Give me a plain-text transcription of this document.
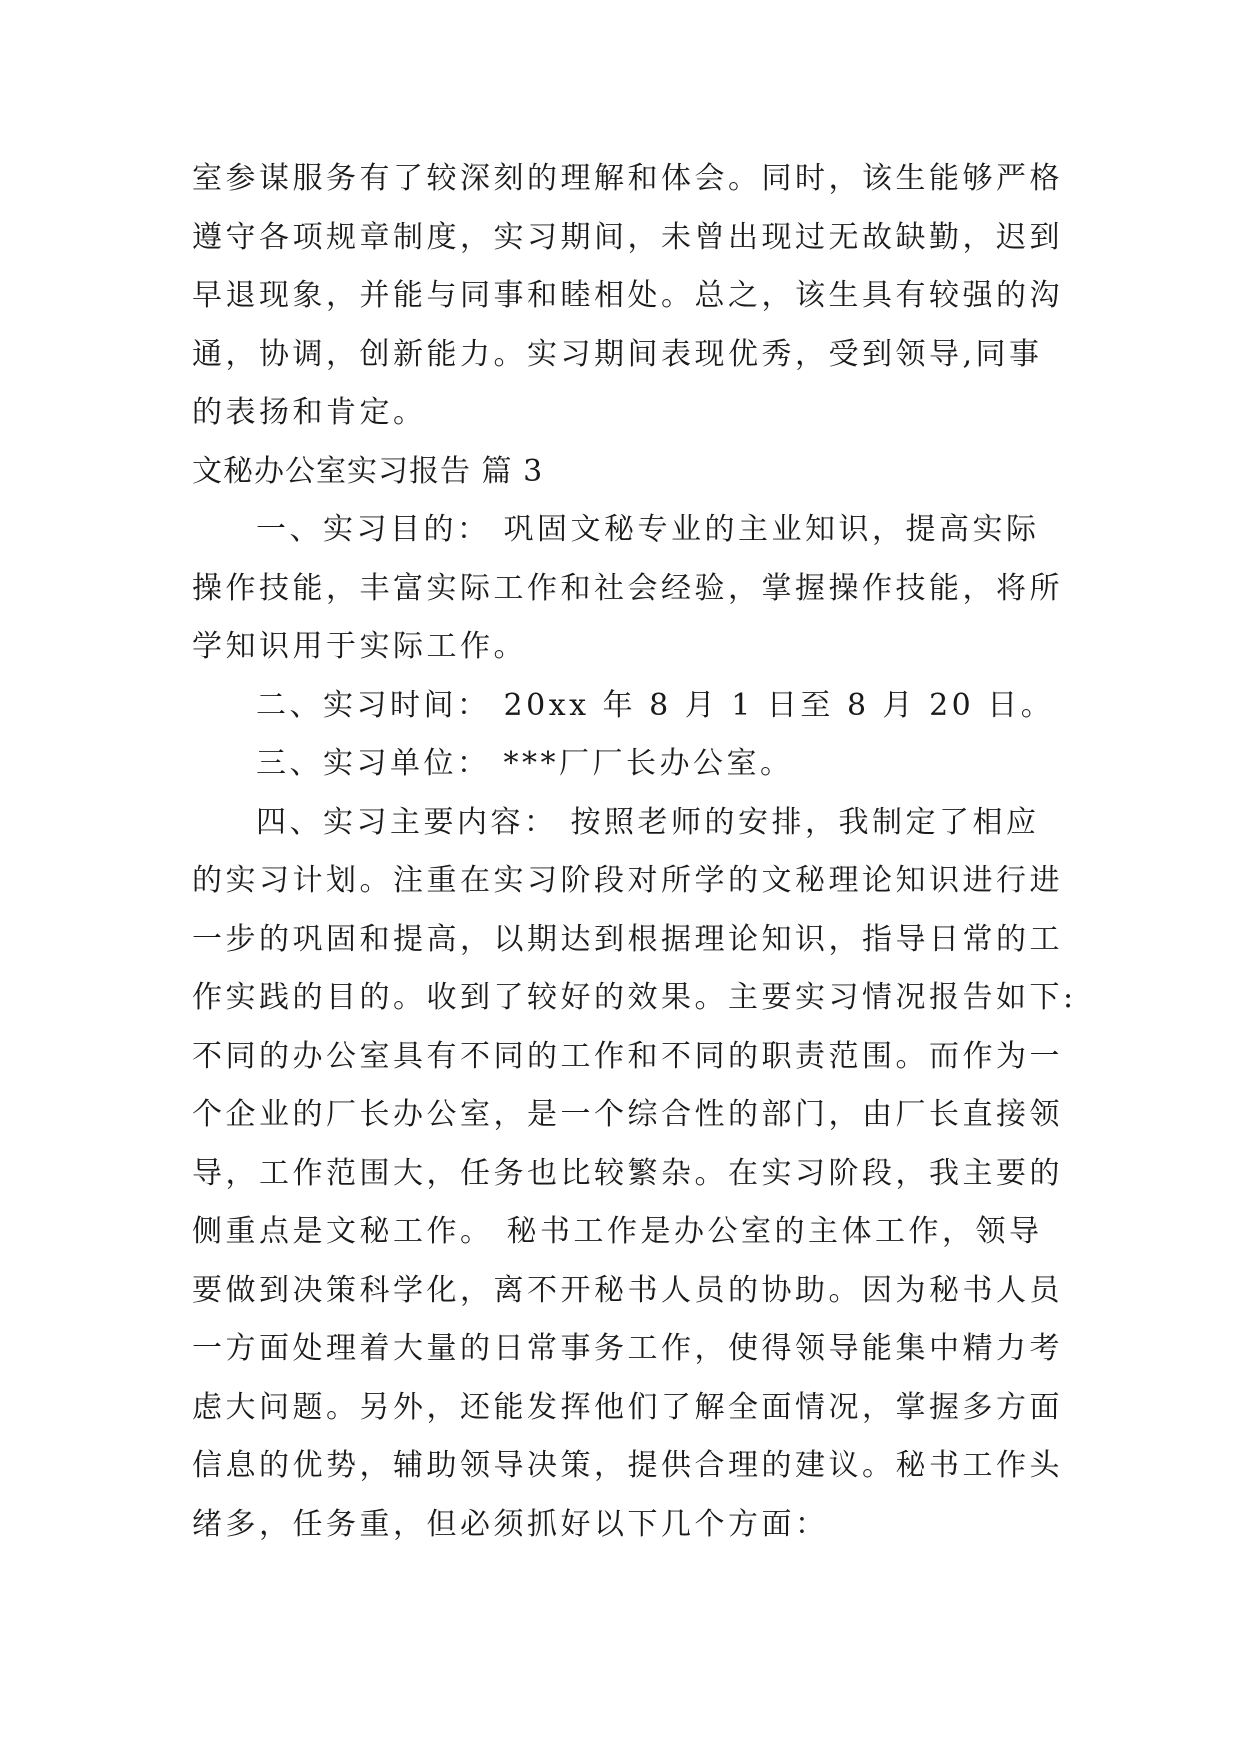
室参谋服务有了较深刻的理解和体会。同时，该生能够严格
遵守各项规章制度，实习期间，未曾出现过无故缺勤，迟到
早退现象，并能与同事和睦相处。总之，该生具有较强的沟
通，协调，创新能力。实习期间表现优秀，受到领导,同事
的表扬和肯定。
文秘办公室实习报告 篇 3
一、实习目的： 巩固文秘专业的主业知识，提高实际
操作技能，丰富实际工作和社会经验，掌握操作技能，将所
学知识用于实际工作。
二、实习时间： 20xx 年 8 月 1 日至 8 月 20 日。
三、实习单位： ***厂厂长办公室。
四、实习主要内容： 按照老师的安排，我制定了相应
的实习计划。注重在实习阶段对所学的文秘理论知识进行进
一步的巩固和提高，以期达到根据理论知识，指导日常的工
作实践的目的。收到了较好的效果。主要实习情况报告如下:
不同的办公室具有不同的工作和不同的职责范围。而作为一
个企业的厂长办公室，是一个综合性的部门，由厂长直接领
导，工作范围大，任务也比较繁杂。在实习阶段，我主要的
侧重点是文秘工作。 秘书工作是办公室的主体工作，领导
要做到决策科学化，离不开秘书人员的协助。因为秘书人员
一方面处理着大量的日常事务工作，使得领导能集中精力考
虑大问题。另外，还能发挥他们了解全面情况，掌握多方面
信息的优势，辅助领导决策，提供合理的建议。秘书工作头
绪多，任务重，但必须抓好以下几个方面：
